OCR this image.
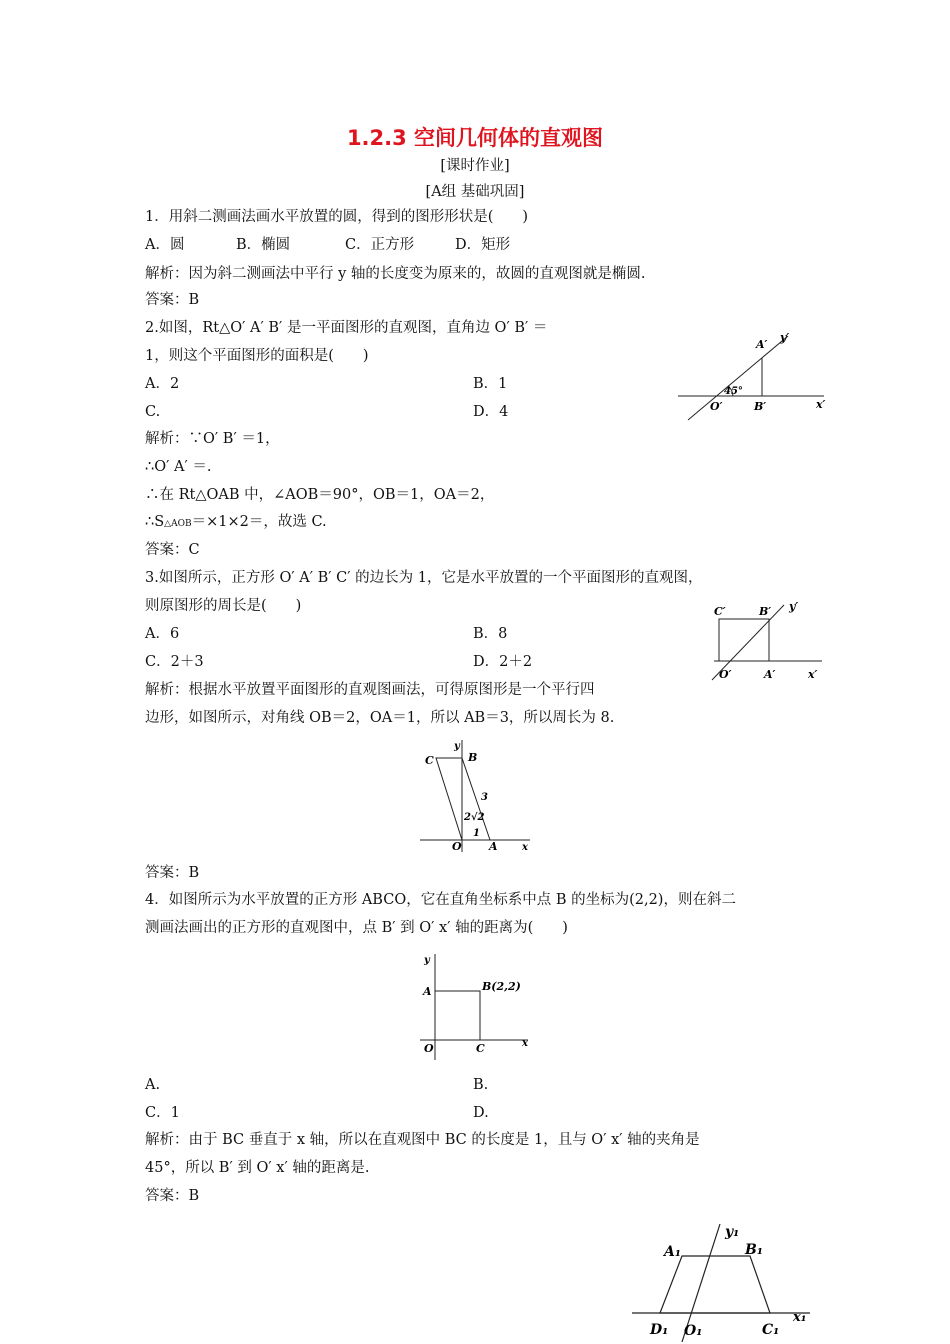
1.2.3 空间几何体的直观图
[课时作业]
[A组 基础巩固]
1．用斜二测画法画水平放置的圆，得到的图形形状是(　　)
A．圆	B．椭圆	C．正方形	D．矩形
解析：因为斜二测画法中平行 y 轴的长度变为原来的，故圆的直观图就是椭圆.
答案：B
2.如图，Rt△O′ A′ B′ 是一平面图形的直观图，直角边 O′ B′ ＝
1，则这个平面图形的面积是(　　)
A．2	B．1
C.	D．4
解析：∵O′ B′ ＝1，
∴O′ A′ ＝.
∴在 Rt△OAB 中，∠AOB＝90°，OB＝1，OA＝2，
∴S△AOB＝×1×2＝，故选 C.
答案：C
A′
y′
45°
O′	B′	x′
3.如图所示，正方形 O′ A′ B′ C′ 的边长为 1，它是水平放置的一个平面图形的直观图，
则原图形的周长是(　　)
A．6	B．8
C．2＋3	D．2＋2
解析：根据水平放置平面图形的直观图画法，可得原图形是一个平行四
边形，如图所示，对角线 OB＝2，OA＝1，所以 AB＝3，所以周长为 8.
C′	B′ y′
O′	A′	x′
C
y
B
3
2√2
1
O A x
答案：B
4．如图所示为水平放置的正方形 ABCO，它在直角坐标系中点 B 的坐标为(2,2)，则在斜二
测画法画出的正方形的直观图中，点 B′ 到 O′ x′ 轴的距离为(　　)
y
A	B(2,2)
O	C	x
A.	B.
C．1	D.
解析：由于 BC 垂直于 x 轴，所以在直观图中 BC 的长度是 1，且与 O′ x′ 轴的夹角是
45°，所以 B′ 到 O′ x′ 轴的距离是.
答案：B
y₁
A₁	B₁
D₁ O₁	C₁
x₁
